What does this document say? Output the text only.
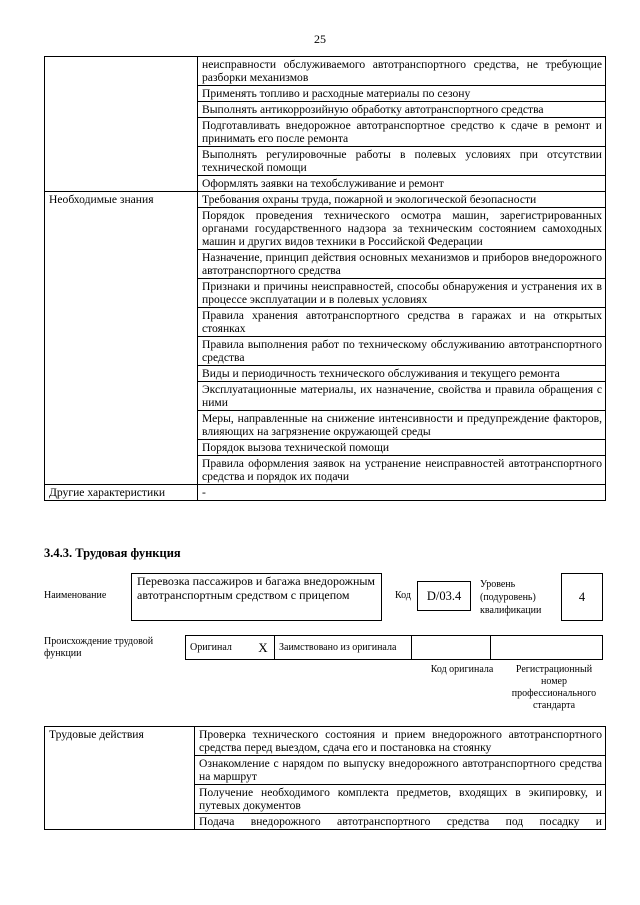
25
	неисправности обслуживаемого автотранспортного средства, не требующие разборки механизмов
	Применять топливо и расходные материалы по сезону
	Выполнять антикоррозийную обработку автотранспортного средства
	Подготавливать внедорожное автотранспортное средство к сдаче в ремонт и принимать его после ремонта
	Выполнять регулировочные работы в полевых условиях при отсутствии технической помощи
	Оформлять заявки на техобслуживание и ремонт
Необходимые знания	Требования охраны труда, пожарной и экологической безопасности
	Порядок проведения технического осмотра машин, зарегистрированных органами государственного надзора за техническим состоянием самоходных машин и других видов техники в Российской Федерации
	Назначение, принцип действия основных механизмов и приборов внедорожного автотранспортного средства
	Признаки и причины неисправностей, способы обнаружения и устранения их в процессе эксплуатации и в полевых условиях
	Правила хранения автотранспортного средства в гаражах и на открытых стоянках
	Правила выполнения работ по техническому обслуживанию автотранспортного средства
	Виды и периодичность технического обслуживания и текущего ремонта
	Эксплуатационные материалы, их назначение, свойства и правила обращения с ними
	Меры, направленные на снижение интенсивности и предупреждение факторов, влияющих на загрязнение окружающей среды
	Порядок вызова технической помощи
	Правила оформления заявок на устранение неисправностей автотранспортного средства и порядок их подачи
Другие характеристики	-
3.4.3. Трудовая функция
Наименование
Перевозка пассажиров и багажа внедорожным автотранспортным средством с прицепом	Код	D/03.4
Уровень (подуровень) квалификации
4
Происхождение трудовой функции
Оригинал	X	Заимствовано из оригинала		
Код оригинала	Регистрационный номер профессионального стандарта
Трудовые действия	Проверка технического состояния и прием внедорожного автотранспортного средства перед выездом, сдача его и постановка на стоянку
Ознакомление с нарядом по выпуску внедорожного автотранспортного средства на маршрут
Получение необходимого комплекта предметов, входящих в экипировку, и путевых документов
Подача внедорожного автотранспортного средства под посадку и
